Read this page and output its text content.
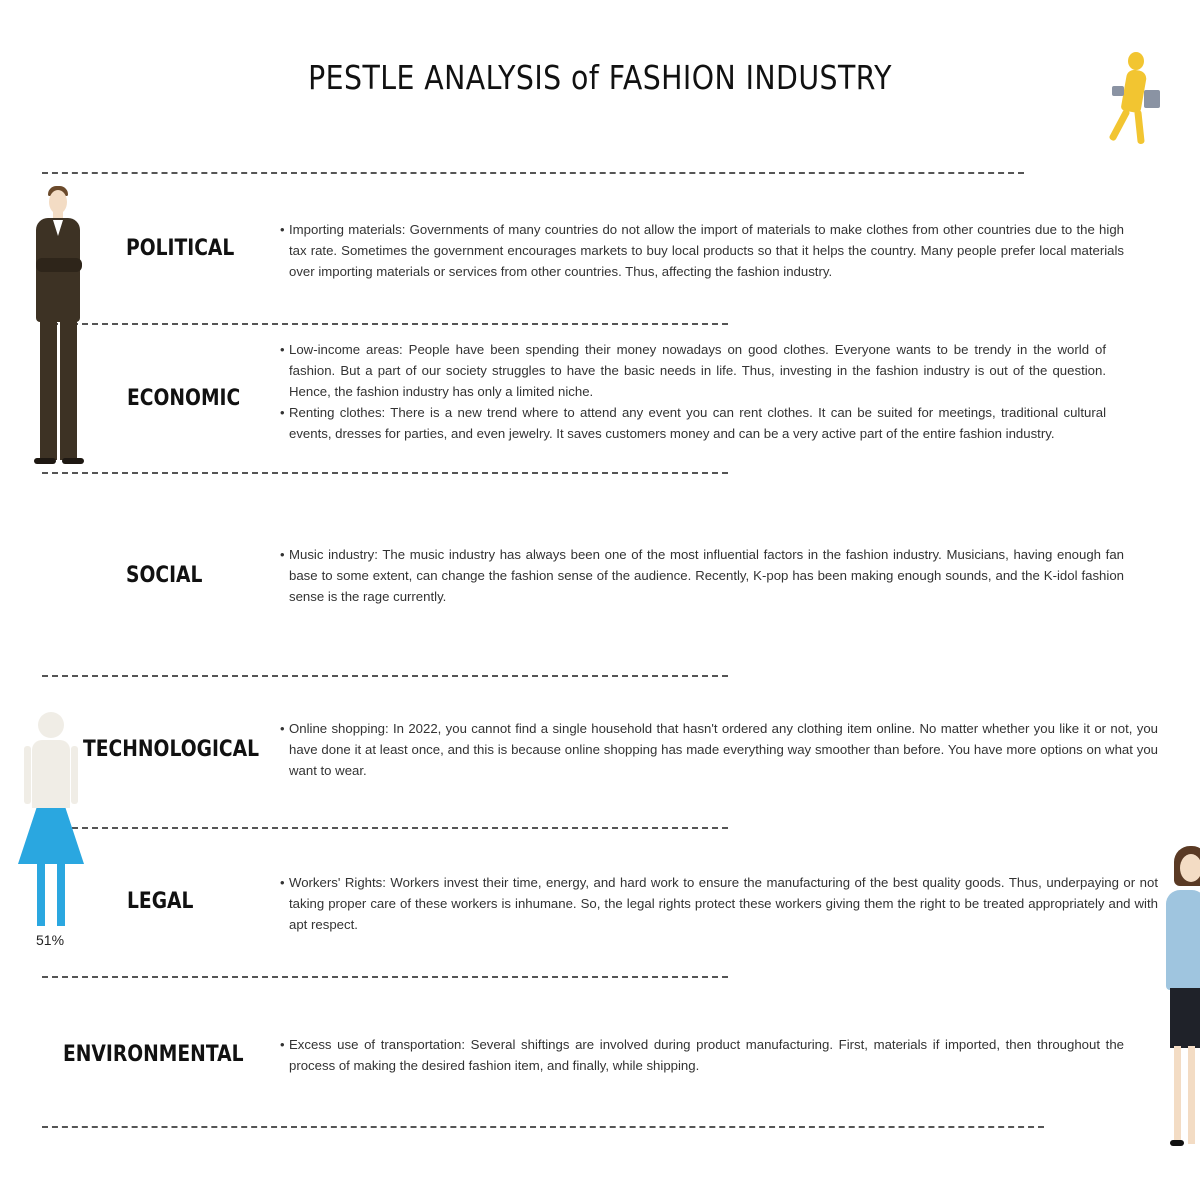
PESTLE ANALYSIS of FASHION INDUSTRY
51%
POLITICAL
ECONOMIC
SOCIAL
TECHNOLOGICAL
LEGAL
ENVIRONMENTAL
• Importing materials: Governments of many countries do not allow the import of materials to make clothes from other countries due to the high tax rate. Sometimes the government encourages markets to buy local products so that it helps the country. Many people prefer local materials over importing materials or services from other countries. Thus, affecting the fashion industry.
• Low-income areas: People have been spending their money nowadays on good clothes. Everyone wants to be trendy in the world of fashion. But a part of our society struggles to have the basic needs in life. Thus, investing in the fashion industry is out of the question. Hence, the fashion industry has only a limited niche.
• Renting clothes: There is a new trend where to attend any event you can rent clothes. It can be suited for meetings, traditional cultural events, dresses for parties, and even jewelry. It saves customers money and can be a very active part of the entire fashion industry.
• Music industry: The music industry has always been one of the most influential factors in the fashion industry. Musicians, having enough fan base to some extent, can change the fashion sense of the audience. Recently, K-pop has been making enough sounds, and the K-idol fashion sense is the rage currently.
• Online shopping: In 2022, you cannot find a single household that hasn't ordered any clothing item online. No matter whether you like it or not, you have done it at least once, and this is because online shopping has made everything way smoother than before. You have more options on what you want to wear.
• Workers' Rights: Workers invest their time, energy, and hard work to ensure the manufacturing of the best quality goods. Thus, underpaying or not taking proper care of these workers is inhumane. So, the legal rights protect these workers giving them the right to be treated appropriately and with apt respect.
• Excess use of transportation: Several shiftings are involved during product manufacturing. First, materials if imported, then throughout the process of making the desired fashion item, and finally, while shipping.
